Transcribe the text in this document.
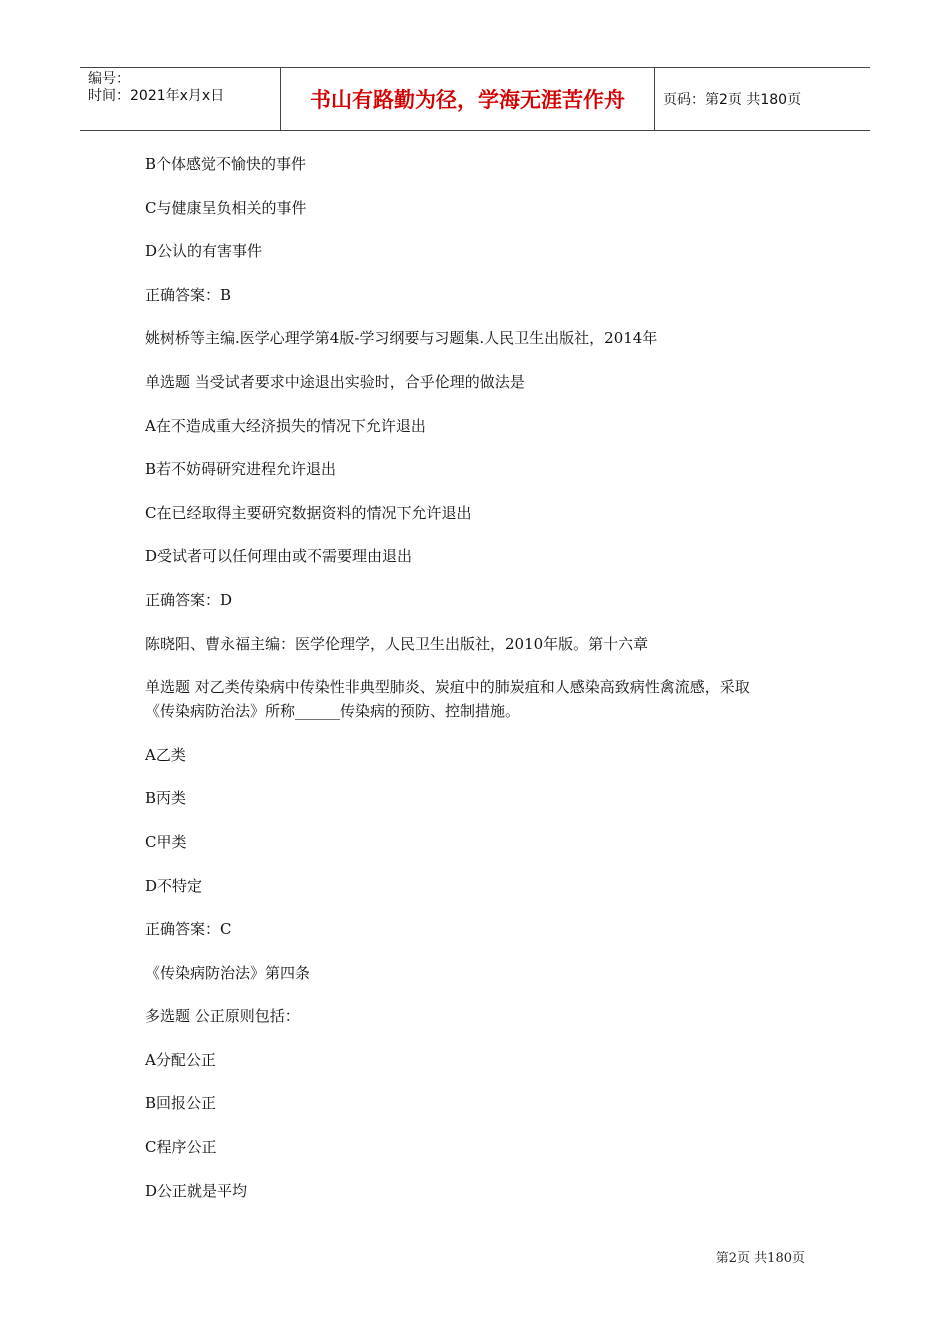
编号：
时间：2021年x月x日	书山有路勤为径，学海无涯苦作舟	页码：第2页 共180页
B个体感觉不愉快的事件
C与健康呈负相关的事件
D公认的有害事件
正确答案：B
姚树桥等主编.医学心理学第4版-学习纲要与习题集.人民卫生出版社，2014年
单选题 当受试者要求中途退出实验时，合乎伦理的做法是
A在不造成重大经济损失的情况下允许退出
B若不妨碍研究进程允许退出
C在已经取得主要研究数据资料的情况下允许退出
D受试者可以任何理由或不需要理由退出
正确答案：D
陈晓阳、曹永福主编：医学伦理学，人民卫生出版社，2010年版。第十六章
单选题 对乙类传染病中传染性非典型肺炎、炭疽中的肺炭疽和人感染高致病性禽流感，采取
《传染病防治法》所称______传染病的预防、控制措施。
A乙类
B丙类
C甲类
D不特定
正确答案：C
《传染病防治法》第四条
多选题 公正原则包括：
A分配公正
B回报公正
C程序公正
D公正就是平均
第2页 共180页
